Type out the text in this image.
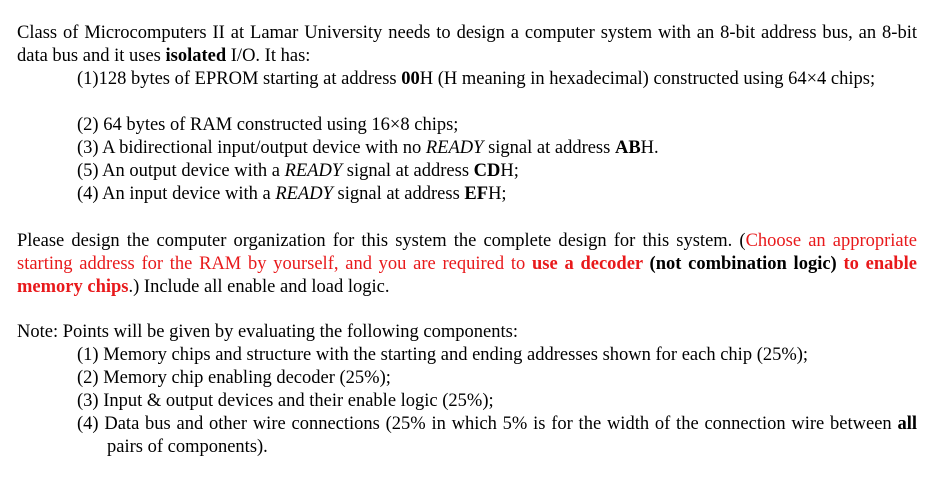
Class of Microcomputers II at Lamar University needs to design a computer system with an 8-bit address bus, an 8-bit data bus and it uses isolated I/O. It has:

(1)128 bytes of EPROM starting at address 00H (H meaning in hexadecimal) constructed using 64×4 chips;

(2) 64 bytes of RAM constructed using 16×8 chips;

(3) A bidirectional input/output device with no READY signal at address ABH.

(5) An output device with a READY signal at address CDH;

(4) An input device with a READY signal at address EFH;

Please design the computer organization for this system the complete design for this system. (Choose an appropriate starting address for the RAM by yourself, and you are required to use a decoder (not combination logic) to enable memory chips.) Include all enable and load logic.

Note: Points will be given by evaluating the following components:

(1) Memory chips and structure with the starting and ending addresses shown for each chip (25%);

(2) Memory chip enabling decoder (25%);

(3) Input & output devices and their enable logic (25%);

(4) Data bus and other wire connections (25% in which 5% is for the width of the connection wire between all pairs of components).
